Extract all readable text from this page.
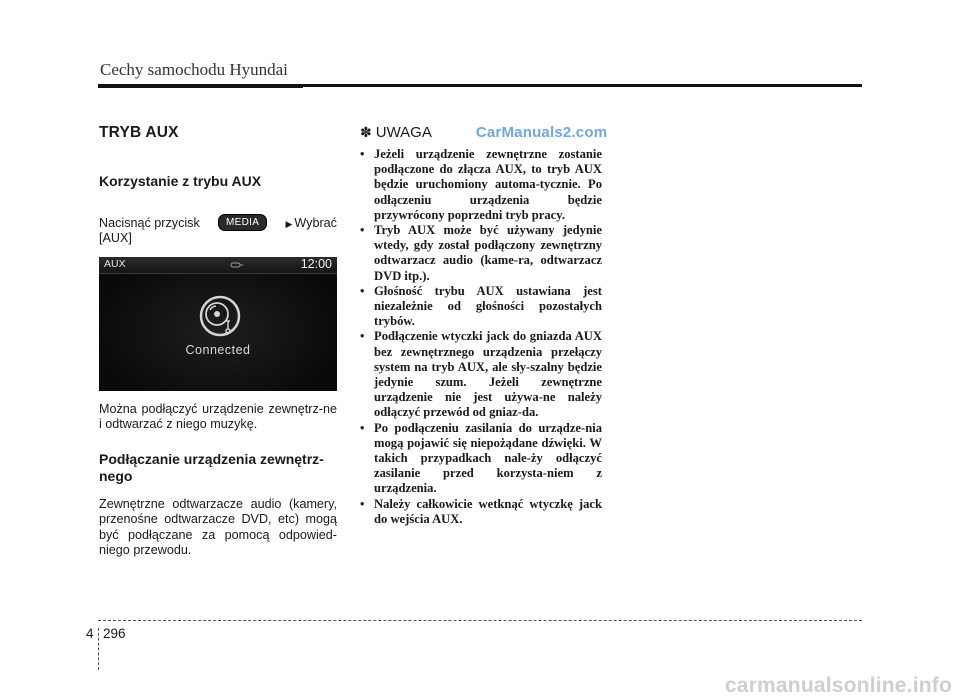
Cechy samochodu Hyundai
TRYB AUX
Korzystanie z trybu AUX
Nacisnąć przycisk	MEDIA	▶ Wybrać
[AUX]
AUX	12:00
Connected

Można podłączyć urządzenie zewnętrz-ne i odtwarzać z niego muzykę.

Podłączanie urządzenia zewnętrz-nego

Zewnętrzne odtwarzacze audio (kamery, przenośne odtwarzacze DVD, etc) mogą być podłączane za pomocą odpowied-niego przewodu.

✽ UWAGA	CarManuals2.com
• Jeżeli urządzenie zewnętrzne zostanie podłączone do złącza AUX, to tryb AUX będzie uruchomiony automa-tycznie. Po odłączeniu urządzenia będzie przywrócony poprzedni tryb pracy.
• Tryb AUX może być używany jedynie wtedy, gdy został podłączony zewnętrzny odtwarzacz audio (kame-ra, odtwarzacz DVD itp.).
• Głośność trybu AUX ustawiana jest niezależnie od głośności pozostałych trybów.
• Podłączenie wtyczki jack do gniazda AUX bez zewnętrznego urządzenia przełączy system na tryb AUX, ale sły-szalny będzie jedynie szum. Jeżeli zewnętrzne urządzenie nie jest używa-ne należy odłączyć przewód od gniaz-da.
• Po podłączeniu zasilania do urządze-nia mogą pojawić się niepożądane dźwięki. W takich przypadkach nale-ży odłączyć zasilanie przed korzysta-niem z urządzenia.
• Należy całkowicie wetknąć wtyczkę jack do wejścia AUX.
4 296
carmanualsonline.info
